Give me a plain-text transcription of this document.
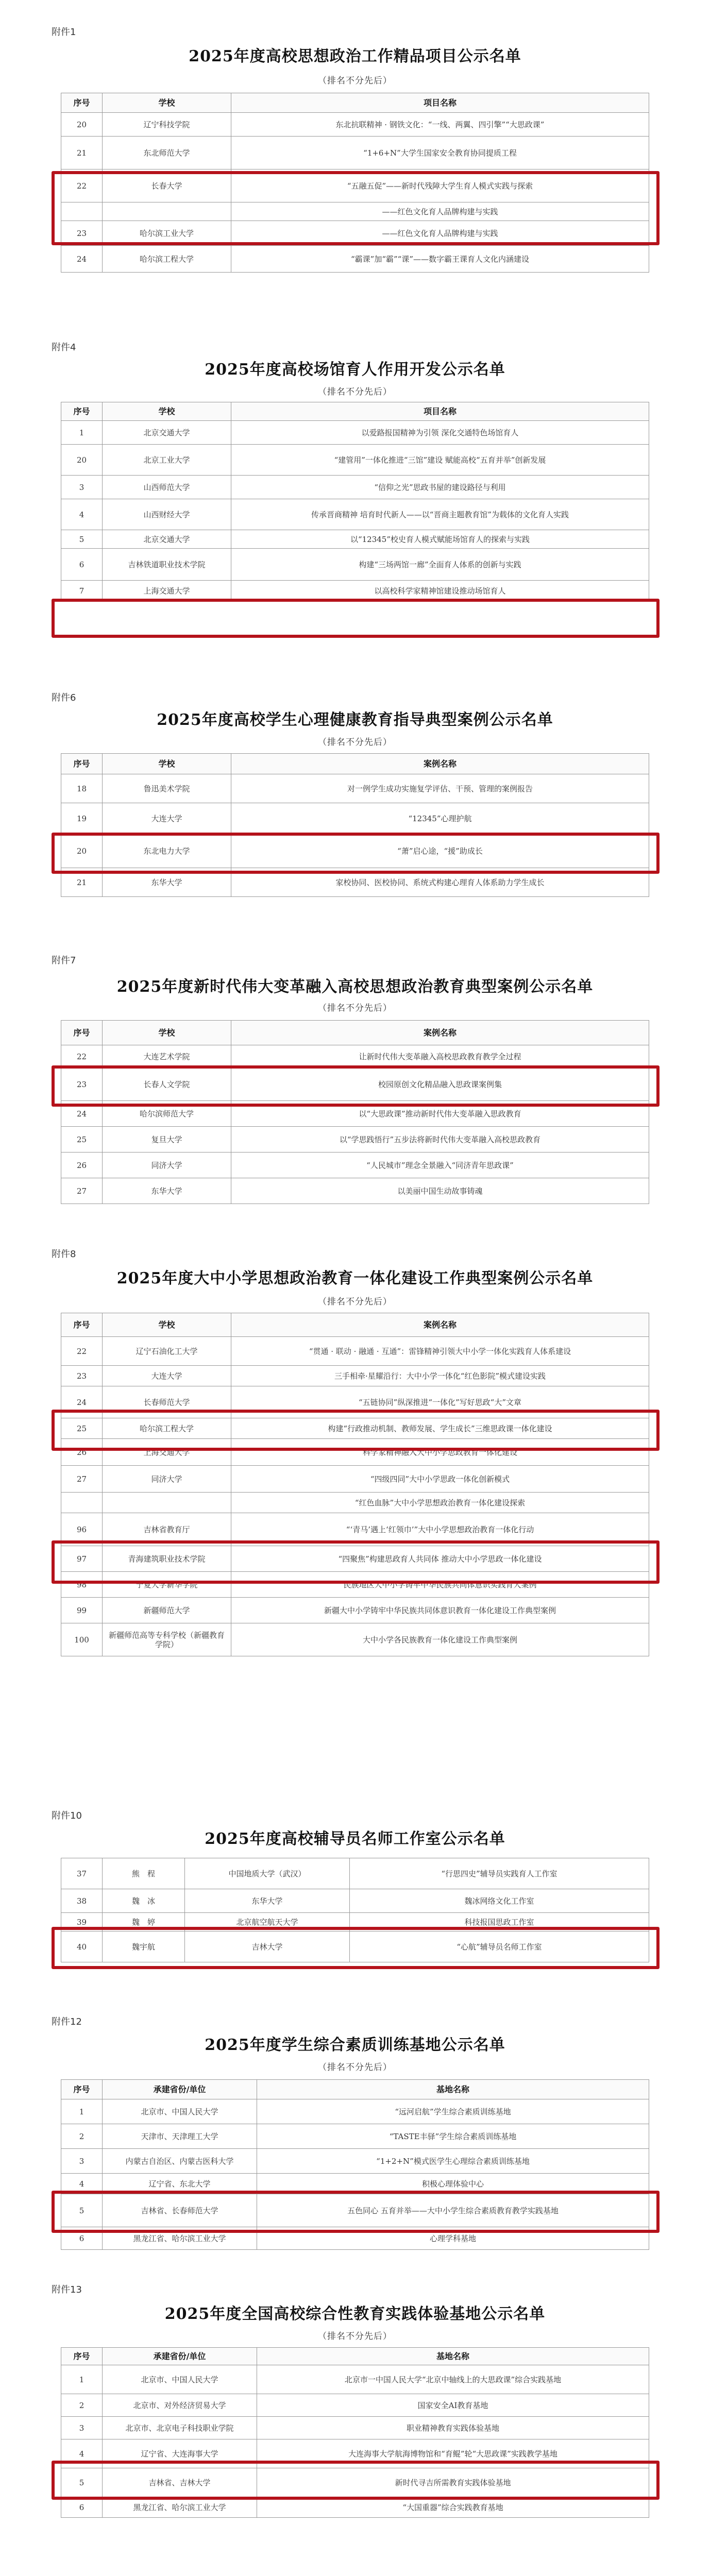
附件1
2025年度高校思想政治工作精品项目公示名单
（排名不分先后）
序号	学校	项目名称
20	辽宁科技学院	东北抗联精神 · 钢铁文化：“一线、两翼、四引擎”“大思政课”
21	东北师范大学	“1+6+N”大学生国家安全教育协同提质工程
22	长春大学	“五融五促”——新时代残障大学生育人模式实践与探索
		——红色文化育人品牌构建与实践
23	哈尔滨工业大学	——红色文化育人品牌构建与实践
24	哈尔滨工程大学	“霸课”加“霸”“课”——数字霸王课育人文化内涵建设
附件4
2025年度高校场馆育人作用开发公示名单
（排名不分先后）
序号	学校	项目名称
1	北京交通大学	以爱路报国精神为引领 深化交通特色场馆育人
20	北京工业大学	“建管用”一体化推进“三馆”建设 赋能高校“五育并举”创新发展
3	山西师范大学	“信仰之光”思政书屋的建设路径与利用
4	山西财经大学	传承晋商精神 培育时代新人——以“晋商主题教育馆”为载体的文化育人实践
5	北京交通大学	以“12345”校史育人模式赋能场馆育人的探索与实践
6	吉林铁道职业技术学院	构建“三场两馆一廊”全面育人体系的创新与实践
7	上海交通大学	以高校科学家精神馆建设推动场馆育人
附件6
2025年度高校学生心理健康教育指导典型案例公示名单
（排名不分先后）
序号	学校	案例名称
18	鲁迅美术学院	对一例学生成功实施复学评估、干预、管理的案例报告
19	大连大学	“12345”心理护航
20	东北电力大学	“萧”启心途，“援”助成长
21	东华大学	家校协同、医校协同、系统式构建心理育人体系助力学生成长
附件7
2025年度新时代伟大变革融入高校思想政治教育典型案例公示名单
（排名不分先后）
序号	学校	案例名称
22	大连艺术学院	让新时代伟大变革融入高校思政教育教学全过程
23	长春人文学院	校园原创文化精品融入思政课案例集
24	哈尔滨师范大学	以“大思政课”推动新时代伟大变革融入思政教育
25	复旦大学	以“学思践悟行”五步法将新时代伟大变革融入高校思政教育
26	同济大学	“人民城市”理念全景融入“同济青年思政课”
27	东华大学	以美丽中国生动故事铸魂
附件8
2025年度大中小学思想政治教育一体化建设工作典型案例公示名单
（排名不分先后）
序号	学校	案例名称
22	辽宁石油化工大学	“贯通 · 联动 · 融通 · 互通”：雷锋精神引领大中小学一体化实践育人体系建设
23	大连大学	三手相牵·星耀沿行：大中小学一体化“红色影院”模式建设实践
24	长春师范大学	“五链协同”纵深推进“一体化”写好思政“大”文章
25	哈尔滨工程大学	构建“行政推动机制、教师发展、学生成长”三维思政课一体化建设
26	上海交通大学	科学家精神融入大中小学思政教育一体化建设
27	同济大学	“四级四同”大中小学思政一体化创新模式
		“红色血脉”大中小学思想政治教育一体化建设探索
96	吉林省教育厅	“‘青马’遇上‘红领巾’”大中小学思想政治教育一体化行动
97	青海建筑职业技术学院	“四聚焦”构建思政育人共同体 推动大中小学思政一体化建设
98	宁夏大学新华学院	民族地区大中小学铸牢中华民族共同体意识实践育人案例
99	新疆师范大学	新疆大中小学铸牢中华民族共同体意识教育一体化建设工作典型案例
100	新疆师范高等专科学校（新疆教育学院）	大中小学各民族教育一体化建设工作典型案例
附件10
2025年度高校辅导员名师工作室公示名单
37	熊　程	中国地质大学（武汉）	“行思四史”辅导员实践育人工作室
38	魏　冰	东华大学	魏冰网络文化工作室
39	魏　婷	北京航空航天大学	科技报国思政工作室
40	魏宇航	吉林大学	“心航”辅导员名师工作室
附件12
2025年度学生综合素质训练基地公示名单
（排名不分先后）
序号	承建省份/单位	基地名称
1	北京市、中国人民大学	“远河启航”学生综合素质训练基地
2	天津市、天津理工大学	“TASTE丰驿”学生综合素质训练基地
3	内蒙古自治区、内蒙古医科大学	“1+2+N”模式医学生心理综合素质训练基地
4	辽宁省、东北大学	积极心理体验中心
5	吉林省、长春师范大学	五色同心 五育并举——大中小学生综合素质教育教学实践基地
6	黑龙江省、哈尔滨工业大学	心理学科基地
附件13
2025年度全国高校综合性教育实践体验基地公示名单
（排名不分先后）
序号	承建省份/单位	基地名称
1	北京市、中国人民大学	北京市一中国人民大学“北京中轴线上的大思政课”综合实践基地
2	北京市、对外经济贸易大学	国家安全AI教育基地
3	北京市、北京电子科技职业学院	职业精神教育实践体验基地
4	辽宁省、大连海事大学	大连海事大学航海博物馆和“育鲲”轮“大思政课”实践教学基地
5	吉林省、吉林大学	新时代寻吉所需教育实践体验基地
6	黑龙江省、哈尔滨工业大学	“大国重器”综合实践教育基地
